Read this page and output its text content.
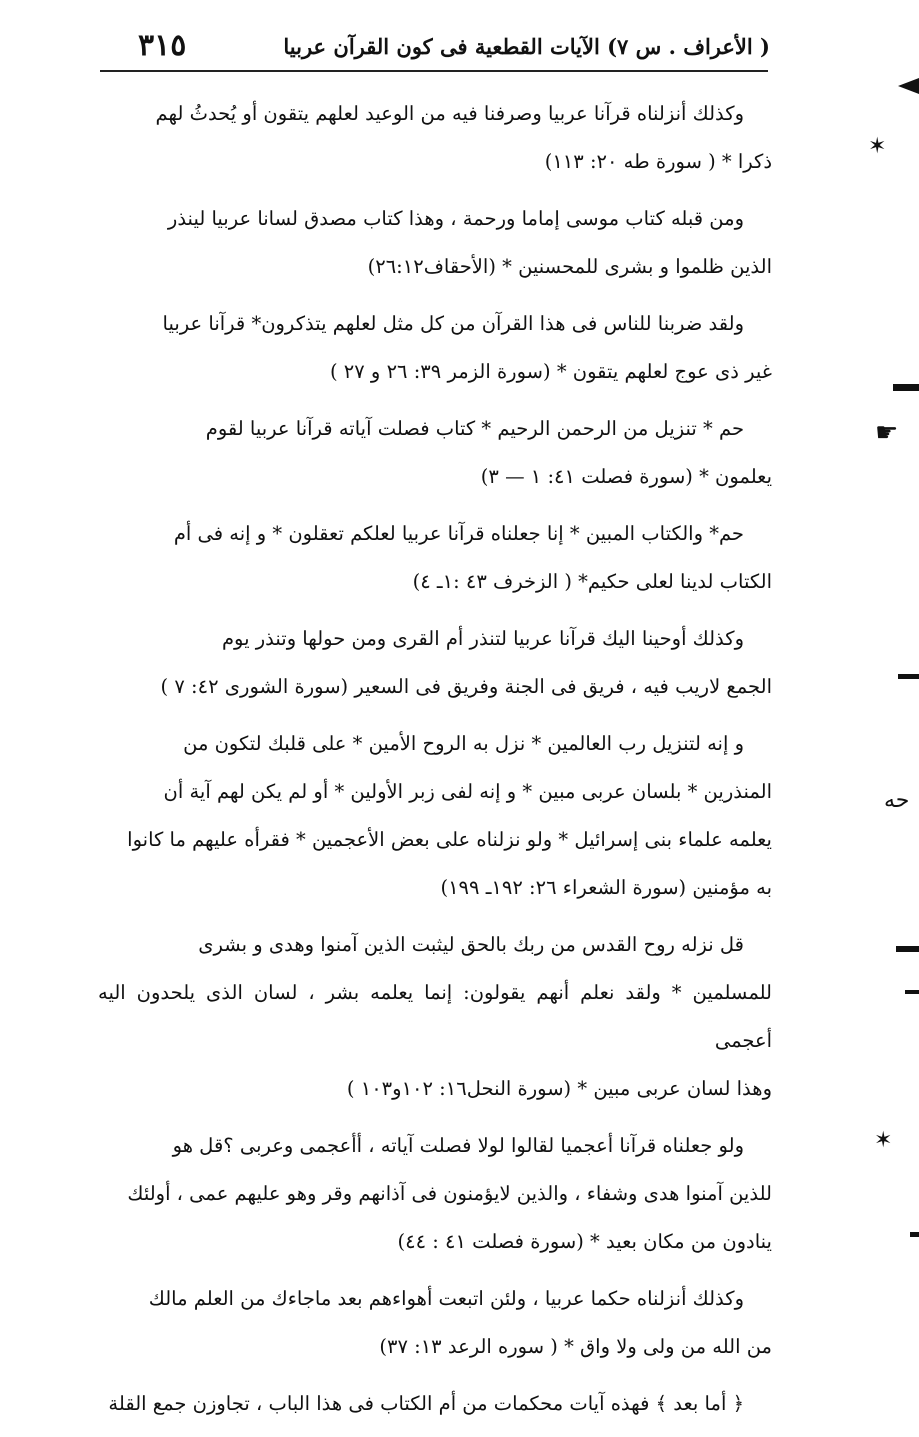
( الأعراف . س ٧) الآيات القطعية فى كون القرآن عربيا
٣١٥

وكذلك أنزلناه قرآنا عربيا وصرفنا فيه من الوعيد لعلهم يتقون أو يُحدثُ لهم
ذكرا * ( سورة طه ٢٠: ١١٣)

ومن قبله كتاب موسى إماما ورحمة ، وهذا كتاب مصدق لسانا عربيا لينذر
الذين ظلموا و بشرى للمحسنين * (الأحقاف٢٦:١٢)

ولقد ضربنا للناس فى هذا القرآن من كل مثل لعلهم يتذكرون* قرآنا عربيا
غير ذى عوج لعلهم يتقون * (سورة الزمر ٣٩: ٢٦ و ٢٧ )

حم * تنزيل من الرحمن الرحيم * كتاب فصلت آياته قرآنا عربيا لقوم
يعلمون * (سورة فصلت ٤١: ١ — ٣)

حم* والكتاب المبين * إنا جعلناه قرآنا عربيا لعلكم تعقلون * و إنه فى أم
الكتاب لدينا لعلى حكيم* ( الزخرف ٤٣ :١ـ ٤)

وكذلك أوحينا اليك قرآنا عربيا لتنذر أم القرى ومن حولها وتنذر يوم
الجمع لاريب فيه ، فريق فى الجنة وفريق فى السعير (سورة الشورى ٤٢: ٧ )

و إنه لتنزيل رب العالمين * نزل به الروح الأمين * على قلبك لتكون من
المنذرين * بلسان عربى مبين * و إنه لفى زبر الأولين * أو لم يكن لهم آية أن
يعلمه علماء بنى إسرائيل * ولو نزلناه على بعض الأعجمين * فقرأه عليهم ما كانوا
به مؤمنين (سورة الشعراء ٢٦: ١٩٢ـ ١٩٩)

قل نزله روح القدس من ربك بالحق ليثبت الذين آمنوا وهدى و بشرى
للمسلمين * ولقد نعلم أنهم يقولون: إنما يعلمه بشر ، لسان الذى يلحدون اليه أعجمى
وهذا لسان عربى مبين * (سورة النحل١٦: ١٠٢و١٠٣ )

ولو جعلناه قرآنا أعجميا لقالوا لولا فصلت آياته ، أأعجمى وعربى ؟قل هو
للذين آمنوا هدى وشفاء ، والذين لايؤمنون فى آذانهم وقر وهو عليهم عمى ، أولئك
ينادون من مكان بعيد * (سورة فصلت ٤١ : ٤٤)

وكذلك أنزلناه حكما عربيا ، ولئن اتبعت أهواءهم بعد ماجاءك من العلم مالك
من الله من ولى ولا واق * ( سوره الرعد ١٣: ٣٧)

﴿ أما بعد ﴾ فهذه آيات محكمات من أم الكتاب فى هذا الباب ، تجاوزن جمع القلة

✶
☛
ﺣﻪ
✶
